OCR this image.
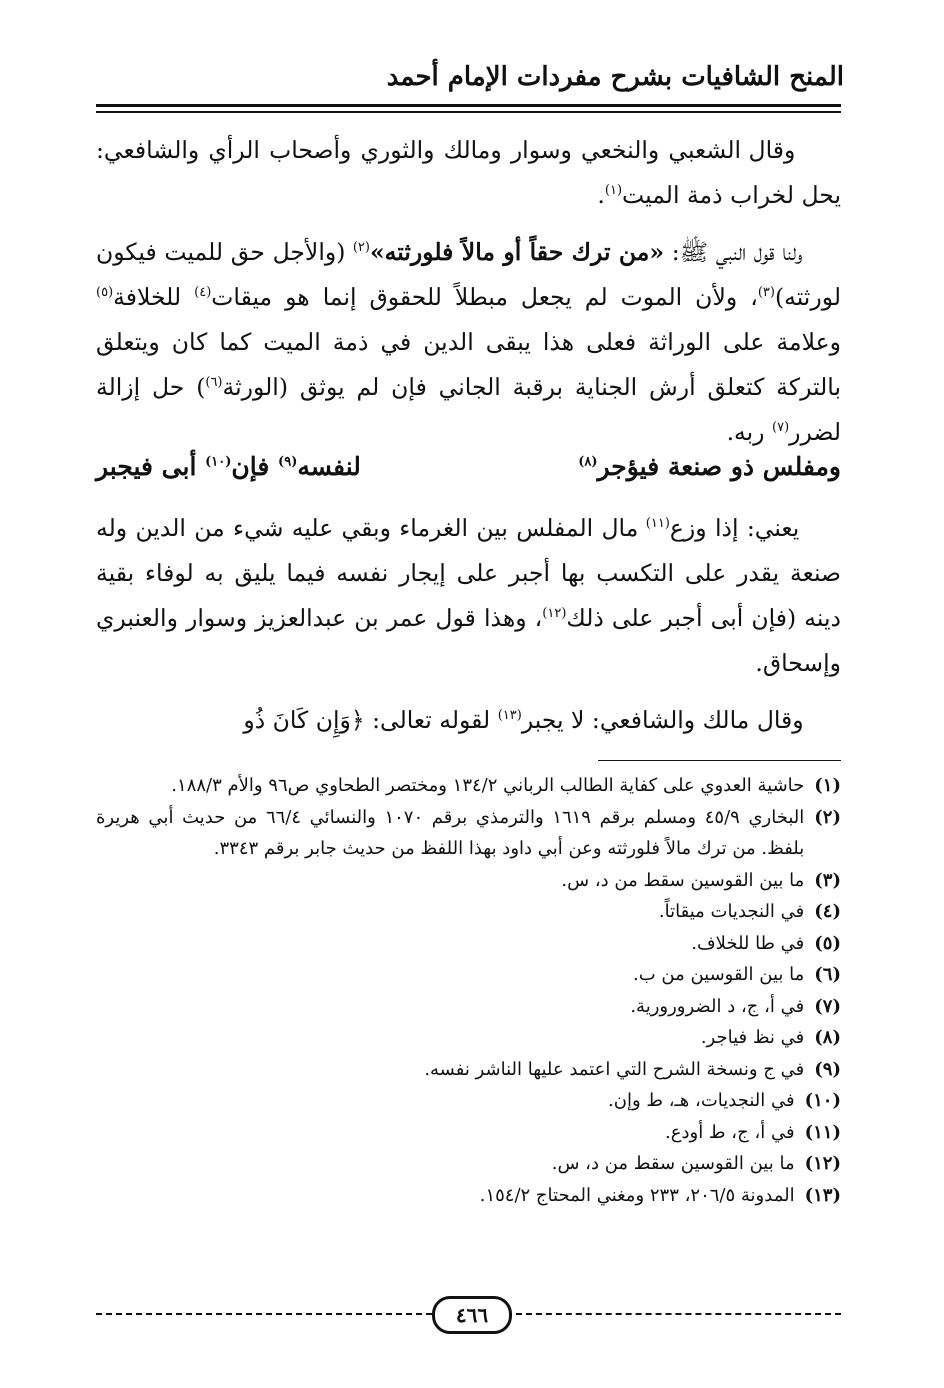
المنح الشافيات بشرح مفردات الإمام أحمد

وقال الشعبي والنخعي وسوار ومالك والثوري وأصحاب الرأي والشافعي: يحل لخراب ذمة الميت$^{(١)}$.

ولنا قول النبي ﷺ: «من ترك حقاً أو مالاً فلورثته»$^{(٢)}$ (والأجل حق للميت فيكون لورثته)$^{(٣)}$، ولأن الموت لم يجعل مبطلاً للحقوق إنما هو ميقات$^{(٤)}$ للخلافة$^{(٥)}$ وعلامة على الوراثة فعلى هذا يبقى الدين في ذمة الميت كما كان ويتعلق بالتركة كتعلق أرش الجناية برقبة الجاني فإن لم يوثق (الورثة$^{(٦)}$) حل إزالة لضرر$^{(٧)}$ ربه.

ومفلس ذو صنعة فيؤجر$^{(٨)}$
لنفسه$^{(٩)}$ فإن$^{(١٠)}$ أبى فيجبر

يعني: إذا وزع$^{(١١)}$ مال المفلس بين الغرماء وبقي عليه شيء من الدين وله صنعة يقدر على التكسب بها أجبر على إيجار نفسه فيما يليق به لوفاء بقية دينه (فإن أبى أجبر على ذلك$^{(١٢)}$، وهذا قول عمر بن عبدالعزيز وسوار والعنبري وإسحاق.

وقال مالك والشافعي: لا يجبر$^{(١٣)}$ لقوله تعالى: ﴿وَإِن كَانَ ذُو

(١)
حاشية العدوي على كفاية الطالب الرباني ١٣٤/٢ ومختصر الطحاوي ص٩٦ والأم ١٨٨/٣.
(٢)
البخاري ٤٥/٩ ومسلم برقم ١٦١٩ والترمذي برقم ١٠٧٠ والنسائي ٦٦/٤ من حديث أبي هريرة بلفظ. من ترك مالاً فلورثته وعن أبي داود بهذا اللفظ من حديث جابر برقم ٣٣٤٣.
(٣)
ما بين القوسين سقط من د، س.
(٤)
في النجديات ميقاتاً.
(٥)
في طا للخلاف.
(٦)
ما بين القوسين من ب.
(٧)
في أ، ج، د الضرورورية.
(٨)
في نظ فياجر.
(٩)
في ج ونسخة الشرح التي اعتمد عليها الناشر نفسه.
(١٠)
في النجديات، هـ، ط وإن.
(١١)
في أ، ج، ط أودع.
(١٢)
ما بين القوسين سقط من د، س.
(١٣)
المدونة ٢٠٦/٥، ٢٣٣ ومغني المحتاج ١٥٤/٢.
٤٦٦
